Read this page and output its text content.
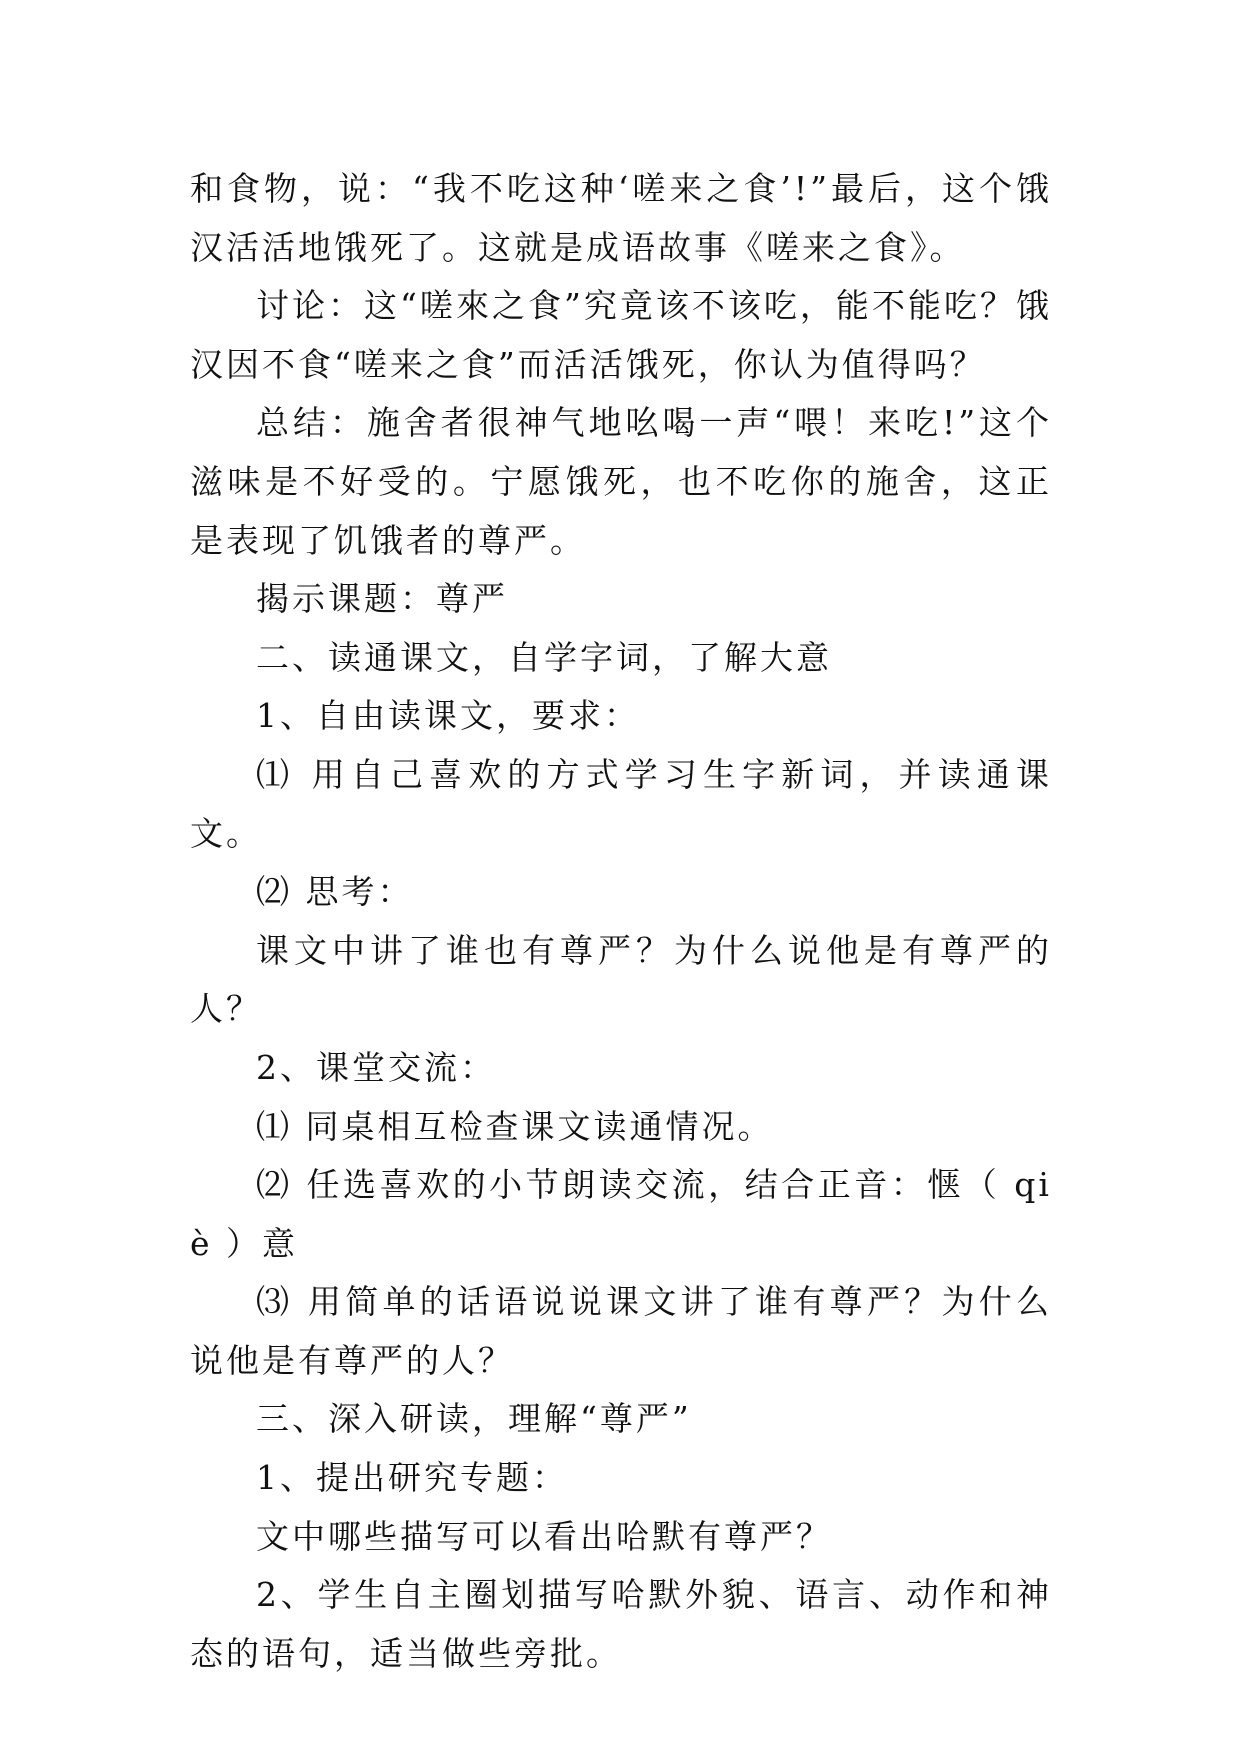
和食物，说：“我不吃这种‘嗟来之食’!”最后，这个饿汉活活地饿死了。这就是成语故事《嗟来之食》。

讨论：这“嗟來之食”究竟该不该吃，能不能吃？饿汉因不食“嗟来之食”而活活饿死，你认为值得吗？

总结：施舍者很神气地吆喝一声“喂！来吃!”这个滋味是不好受的。宁愿饿死，也不吃你的施舍，这正是表现了饥饿者的尊严。

揭示课题：尊严

二、读通课文，自学字词，了解大意

1、自由读课文，要求：

⑴ 用自己喜欢的方式学习生字新词，并读通课文。

⑵ 思考：

课文中讲了谁也有尊严？为什么说他是有尊严的人？

2、课堂交流：

⑴ 同桌相互检查课文读通情况。

⑵ 任选喜欢的小节朗读交流，结合正音：惬（ qiè ）意

⑶ 用简单的话语说说课文讲了谁有尊严？为什么说他是有尊严的人？

三、深入研读，理解“尊严”

1、提出研究专题：

文中哪些描写可以看出哈默有尊严？

2、学生自主圈划描写哈默外貌、语言、动作和神态的语句，适当做些旁批。
